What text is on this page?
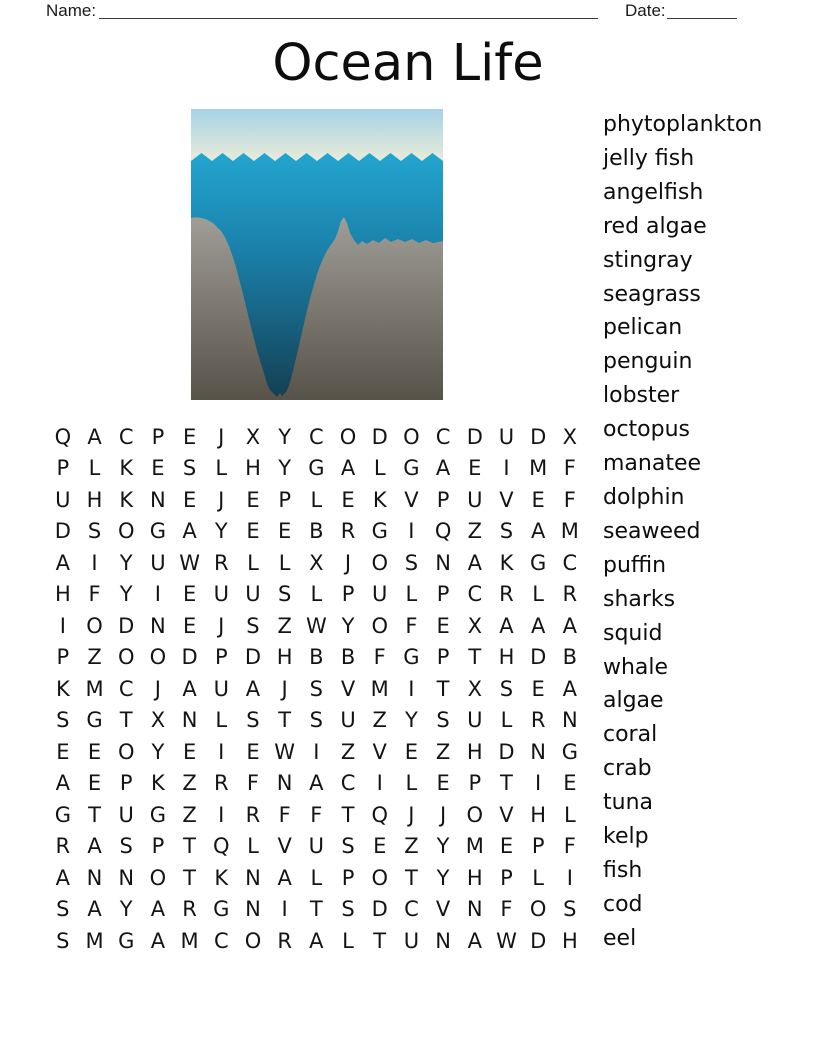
Name:	Date:
Ocean Life
phytoplankton
jelly fish
angelfish
red algae
stingray
seagrass
pelican
penguin
lobster
octopus
manatee
dolphin
seaweed
puffin
sharks
squid
whale
algae
coral
crab
tuna
kelp
fish
cod
eel
Q A C P E	J	X Y C O D O C D U D X
P L K E S L H Y G A L G A E	I M F
U H K N E	J	E P L E K V P U V E F
D S O G A Y E E B R G I Q Z S A M
A	I	Y U W R L L X	J O S N A K G C
H F Y	I	E U U S L P U L P C R L R
I O D N E	J	S Z W Y O F E X A A A
P Z O O D P D H B B F G P T H D B
K M C	J	A U A	J	S V M I	T X S E A
S G T X N L S T S U Z Y S U L R N
E E O Y E	I	E W I	Z V E Z H D N G
A E P K Z R F N A C	I	L E P T	I	E
G T U G Z	I	R F F T Q J	J O V H L
R A S P T Q L V U S E Z Y M E P F
A N N O T K N A L P O T Y H P L	I
S A Y A R G N I	T S D C V N F O S
S M G A M C O R A L T U N A W D H
